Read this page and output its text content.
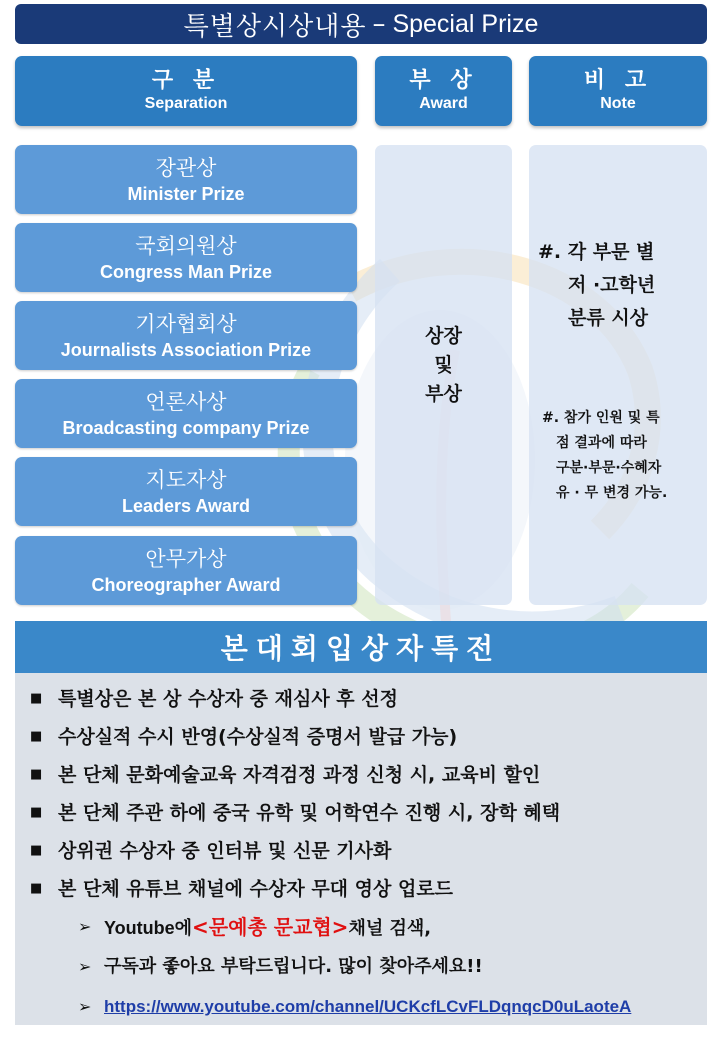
특별상시상내용 – Special Prize
구 분
Separation
부 상
Award
비 고
Note
장관상
Minister Prize
국회의원상
Congress Man Prize
기자협회상
Journalists Association Prize
언론사상
Broadcasting company Prize
지도자상
Leaders Award
안무가상
Choreographer Award
상장
및
부상
#. 각 부문 별
저 ·고학년
분류 시상
#. 참가 인원 및 특
점 결과에 따라
구분·부문·수혜자
유 · 무 변경 가능.
본대회입상자특전
■ 특별상은 본 상 수상자 중 재심사 후 선정
■ 수상실적 수시 반영(수상실적 증명서 발급 가능)
■ 본 단체 문화예술교육 자격검정 과정 신청 시, 교육비 할인
■ 본 단체 주관 하에 중국 유학 및 어학연수 진행 시, 장학 혜택
■ 상위권 수상자 중 인터뷰 및 신문 기사화
■ 본 단체 유튜브 채널에 수상자 무대 영상 업로드
➢ Youtube에<문예총 문교협>채널 검색,
➢ 구독과 좋아요 부탁드립니다. 많이 찾아주세요!!
➢ https://www.youtube.com/channel/UCKcfLCvFLDqnqcD0uLaoteA
